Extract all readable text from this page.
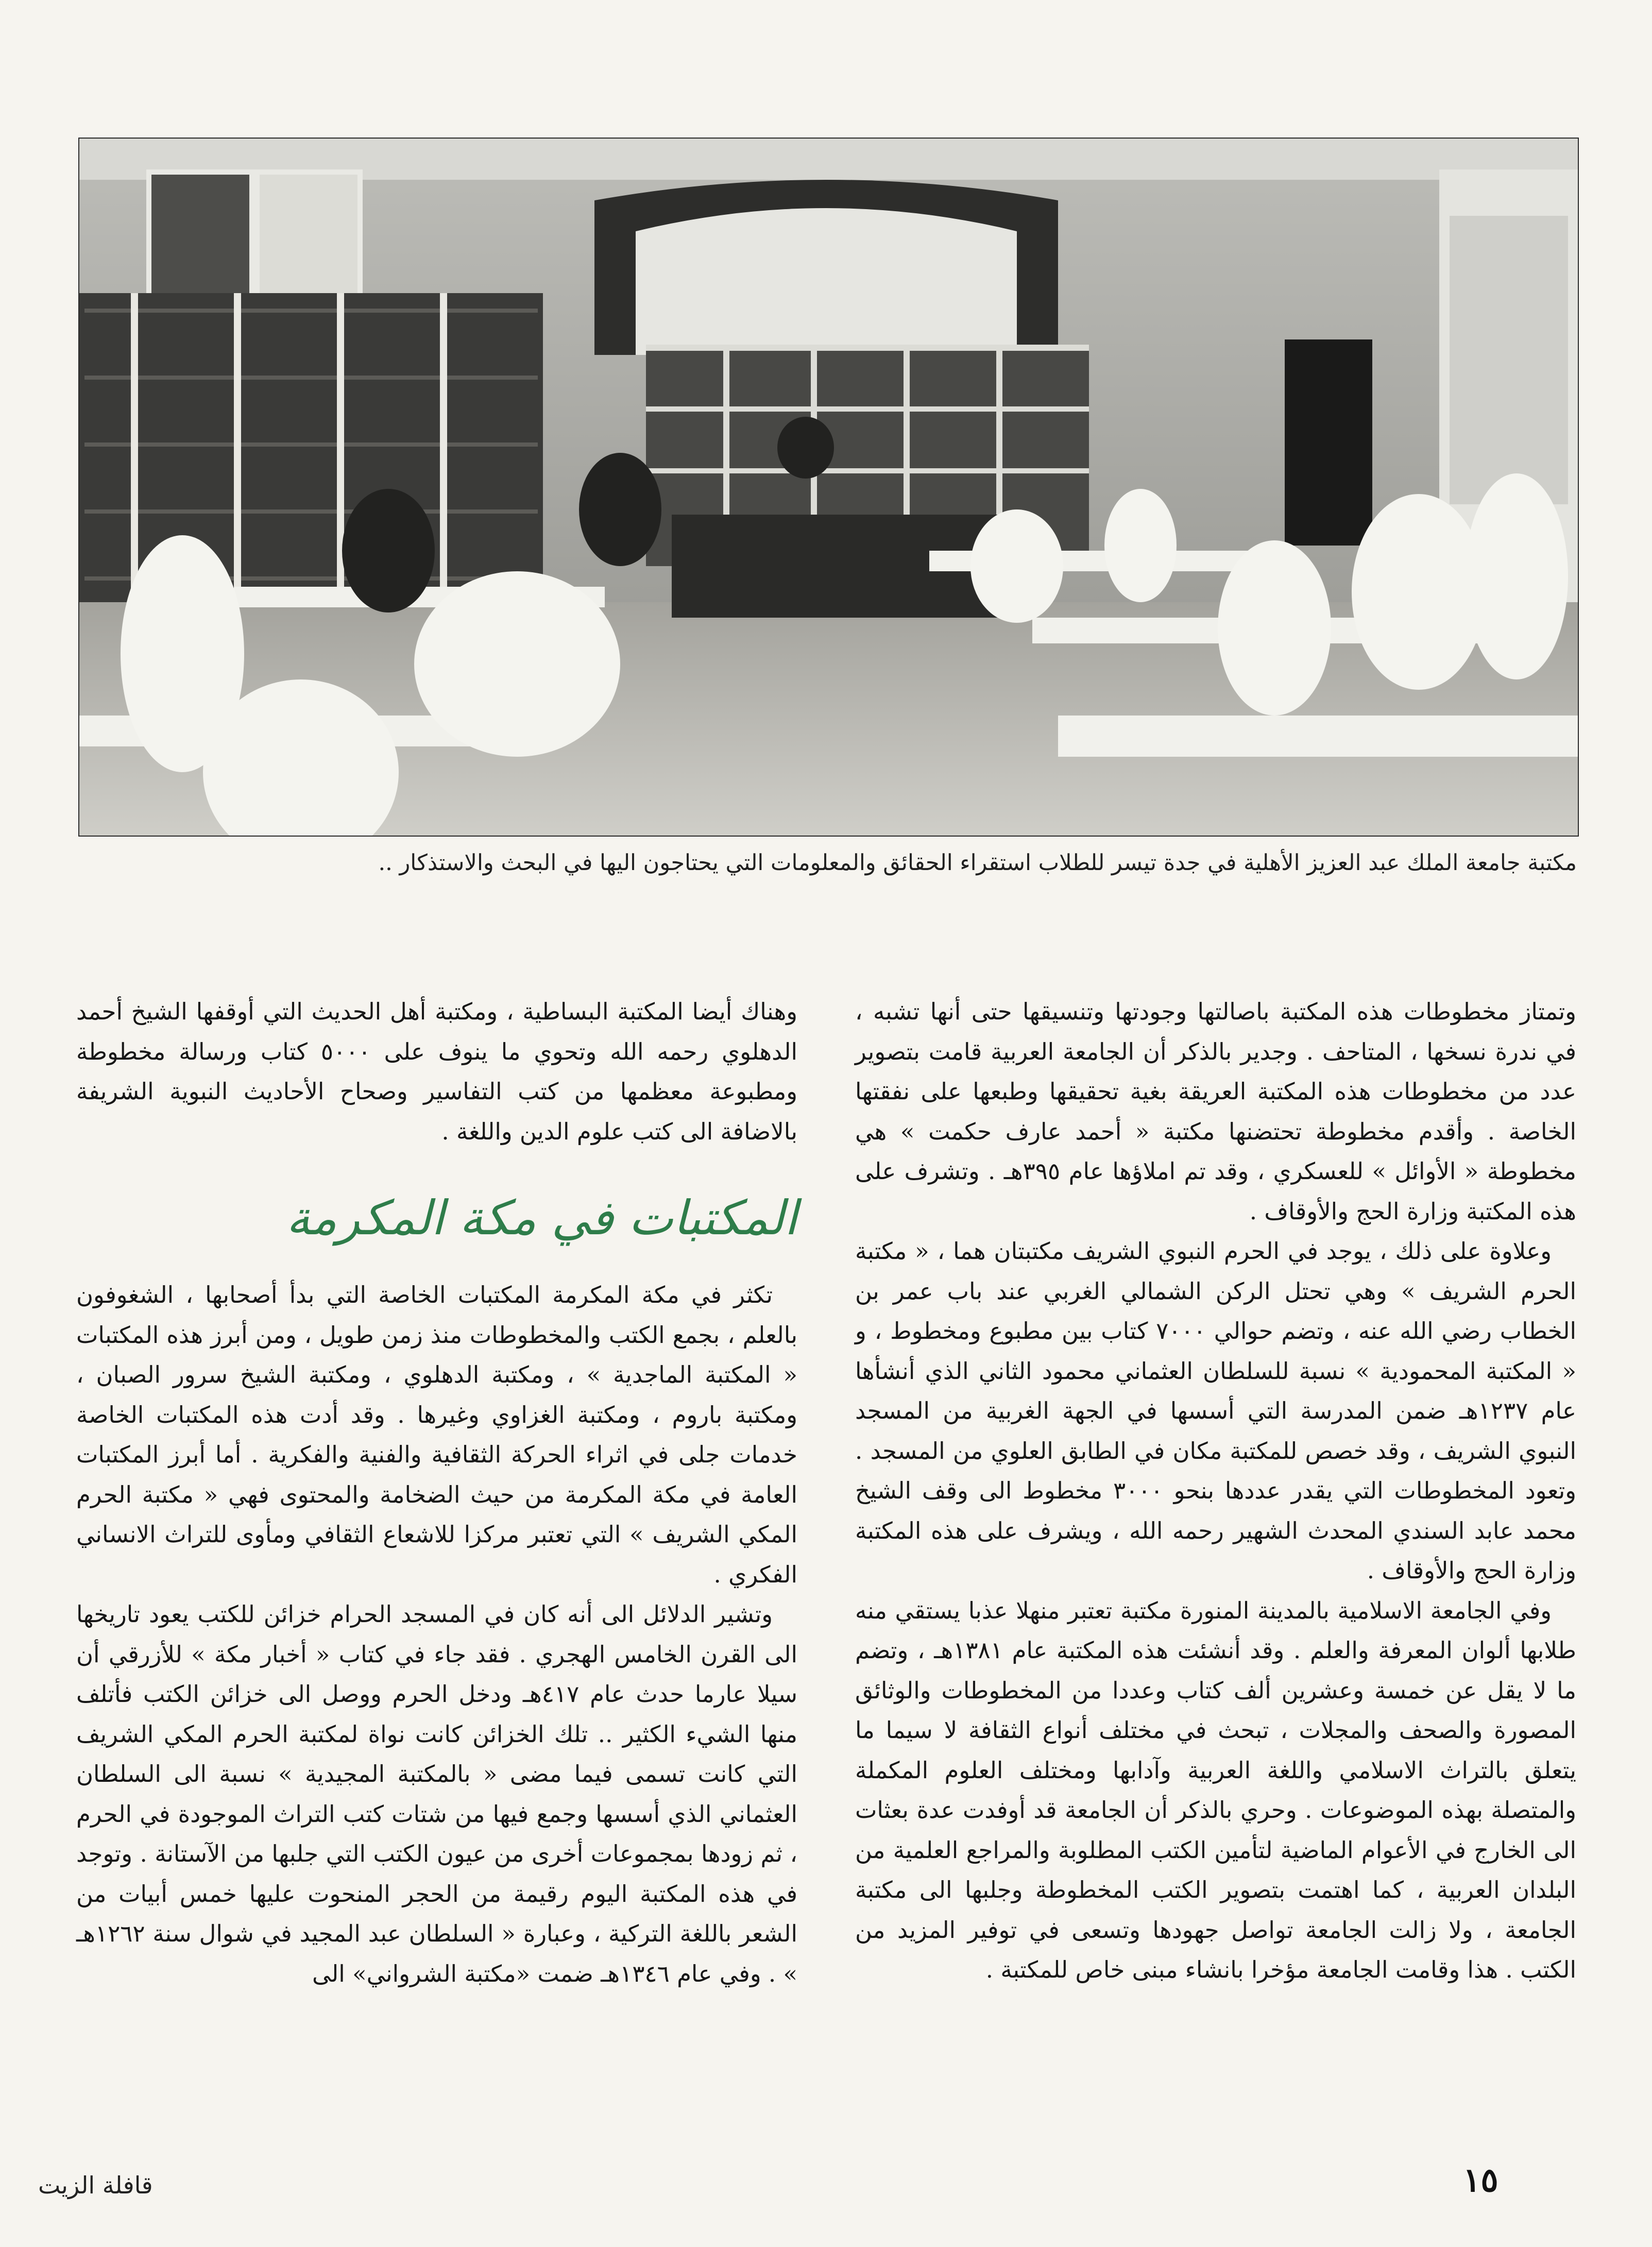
مكتبة جامعة الملك عبد العزيز الأهلية في جدة تيسر للطلاب استقراء الحقائق والمعلومات التي يحتاجون اليها في البحث والاستذكار ..

وتمتاز مخطوطات هذه المكتبة باصالتها وجودتها وتنسيقها حتى أنها تشبه ، في ندرة نسخها ، المتاحف . وجدير بالذكر أن الجامعة العربية قامت بتصوير عدد من مخطوطات هذه المكتبة العريقة بغية تحقيقها وطبعها على نفقتها الخاصة . وأقدم مخطوطة تحتضنها مكتبة « أحمد عارف حكمت » هي مخطوطة « الأوائل » للعسكري ، وقد تم املاؤها عام ٣٩٥هـ . وتشرف على هذه المكتبة وزارة الحج والأوقاف .

وعلاوة على ذلك ، يوجد في الحرم النبوي الشريف مكتبتان هما ، « مكتبة الحرم الشريف » وهي تحتل الركن الشمالي الغربي عند باب عمر بن الخطاب رضي الله عنه ، وتضم حوالي ٧٠٠٠ كتاب بين مطبوع ومخطوط ، و « المكتبة المحمودية » نسبة للسلطان العثماني محمود الثاني الذي أنشأها عام ١٢٣٧هـ ضمن المدرسة التي أسسها في الجهة الغربية من المسجد النبوي الشريف ، وقد خصص للمكتبة مكان في الطابق العلوي من المسجد . وتعود المخطوطات التي يقدر عددها بنحو ٣٠٠٠ مخطوط الى وقف الشيخ محمد عابد السندي المحدث الشهير رحمه الله ، ويشرف على هذه المكتبة وزارة الحج والأوقاف .

وفي الجامعة الاسلامية بالمدينة المنورة مكتبة تعتبر منهلا عذبا يستقي منه طلابها ألوان المعرفة والعلم . وقد أنشئت هذه المكتبة عام ١٣٨١هـ ، وتضم ما لا يقل عن خمسة وعشرين ألف كتاب وعددا من المخطوطات والوثائق المصورة والصحف والمجلات ، تبحث في مختلف أنواع الثقافة لا سيما ما يتعلق بالتراث الاسلامي واللغة العربية وآدابها ومختلف العلوم المكملة والمتصلة بهذه الموضوعات . وحري بالذكر أن الجامعة قد أوفدت عدة بعثات الى الخارج في الأعوام الماضية لتأمين الكتب المطلوبة والمراجع العلمية من البلدان العربية ، كما اهتمت بتصوير الكتب المخطوطة وجلبها الى مكتبة الجامعة ، ولا زالت الجامعة تواصل جهودها وتسعى في توفير المزيد من الكتب . هذا وقامت الجامعة مؤخرا بانشاء مبنى خاص للمكتبة .

وهناك أيضا المكتبة البساطية ، ومكتبة أهل الحديث التي أوقفها الشيخ أحمد الدهلوي رحمه الله وتحوي ما ينوف على ٥٠٠٠ كتاب ورسالة مخطوطة ومطبوعة معظمها من كتب التفاسير وصحاح الأحاديث النبوية الشريفة بالاضافة الى كتب علوم الدين واللغة .

المكتبات في مكة المكرمة

تكثر في مكة المكرمة المكتبات الخاصة التي بدأ أصحابها ، الشغوفون بالعلم ، بجمع الكتب والمخطوطات منذ زمن طويل ، ومن أبرز هذه المكتبات « المكتبة الماجدية » ، ومكتبة الدهلوي ، ومكتبة الشيخ سرور الصبان ، ومكتبة باروم ، ومكتبة الغزاوي وغيرها . وقد أدت هذه المكتبات الخاصة خدمات جلى في اثراء الحركة الثقافية والفنية والفكرية . أما أبرز المكتبات العامة في مكة المكرمة من حيث الضخامة والمحتوى فهي « مكتبة الحرم المكي الشريف » التي تعتبر مركزا للاشعاع الثقافي ومأوى للتراث الانساني الفكري .

وتشير الدلائل الى أنه كان في المسجد الحرام خزائن للكتب يعود تاريخها الى القرن الخامس الهجري . فقد جاء في كتاب « أخبار مكة » للأزرقي أن سيلا عارما حدث عام ٤١٧هـ ودخل الحرم ووصل الى خزائن الكتب فأتلف منها الشيء الكثير .. تلك الخزائن كانت نواة لمكتبة الحرم المكي الشريف التي كانت تسمى فيما مضى « بالمكتبة المجيدية » نسبة الى السلطان العثماني الذي أسسها وجمع فيها من شتات كتب التراث الموجودة في الحرم ، ثم زودها بمجموعات أخرى من عيون الكتب التي جلبها من الآستانة . وتوجد في هذه المكتبة اليوم رقيمة من الحجر المنحوت عليها خمس أبيات من الشعر باللغة التركية ، وعبارة « السلطان عبد المجيد في شوال سنة ١٢٦٢هـ » . وفي عام ١٣٤٦هـ ضمت «مكتبة الشرواني» الى

١٥
قافلة الزيت
